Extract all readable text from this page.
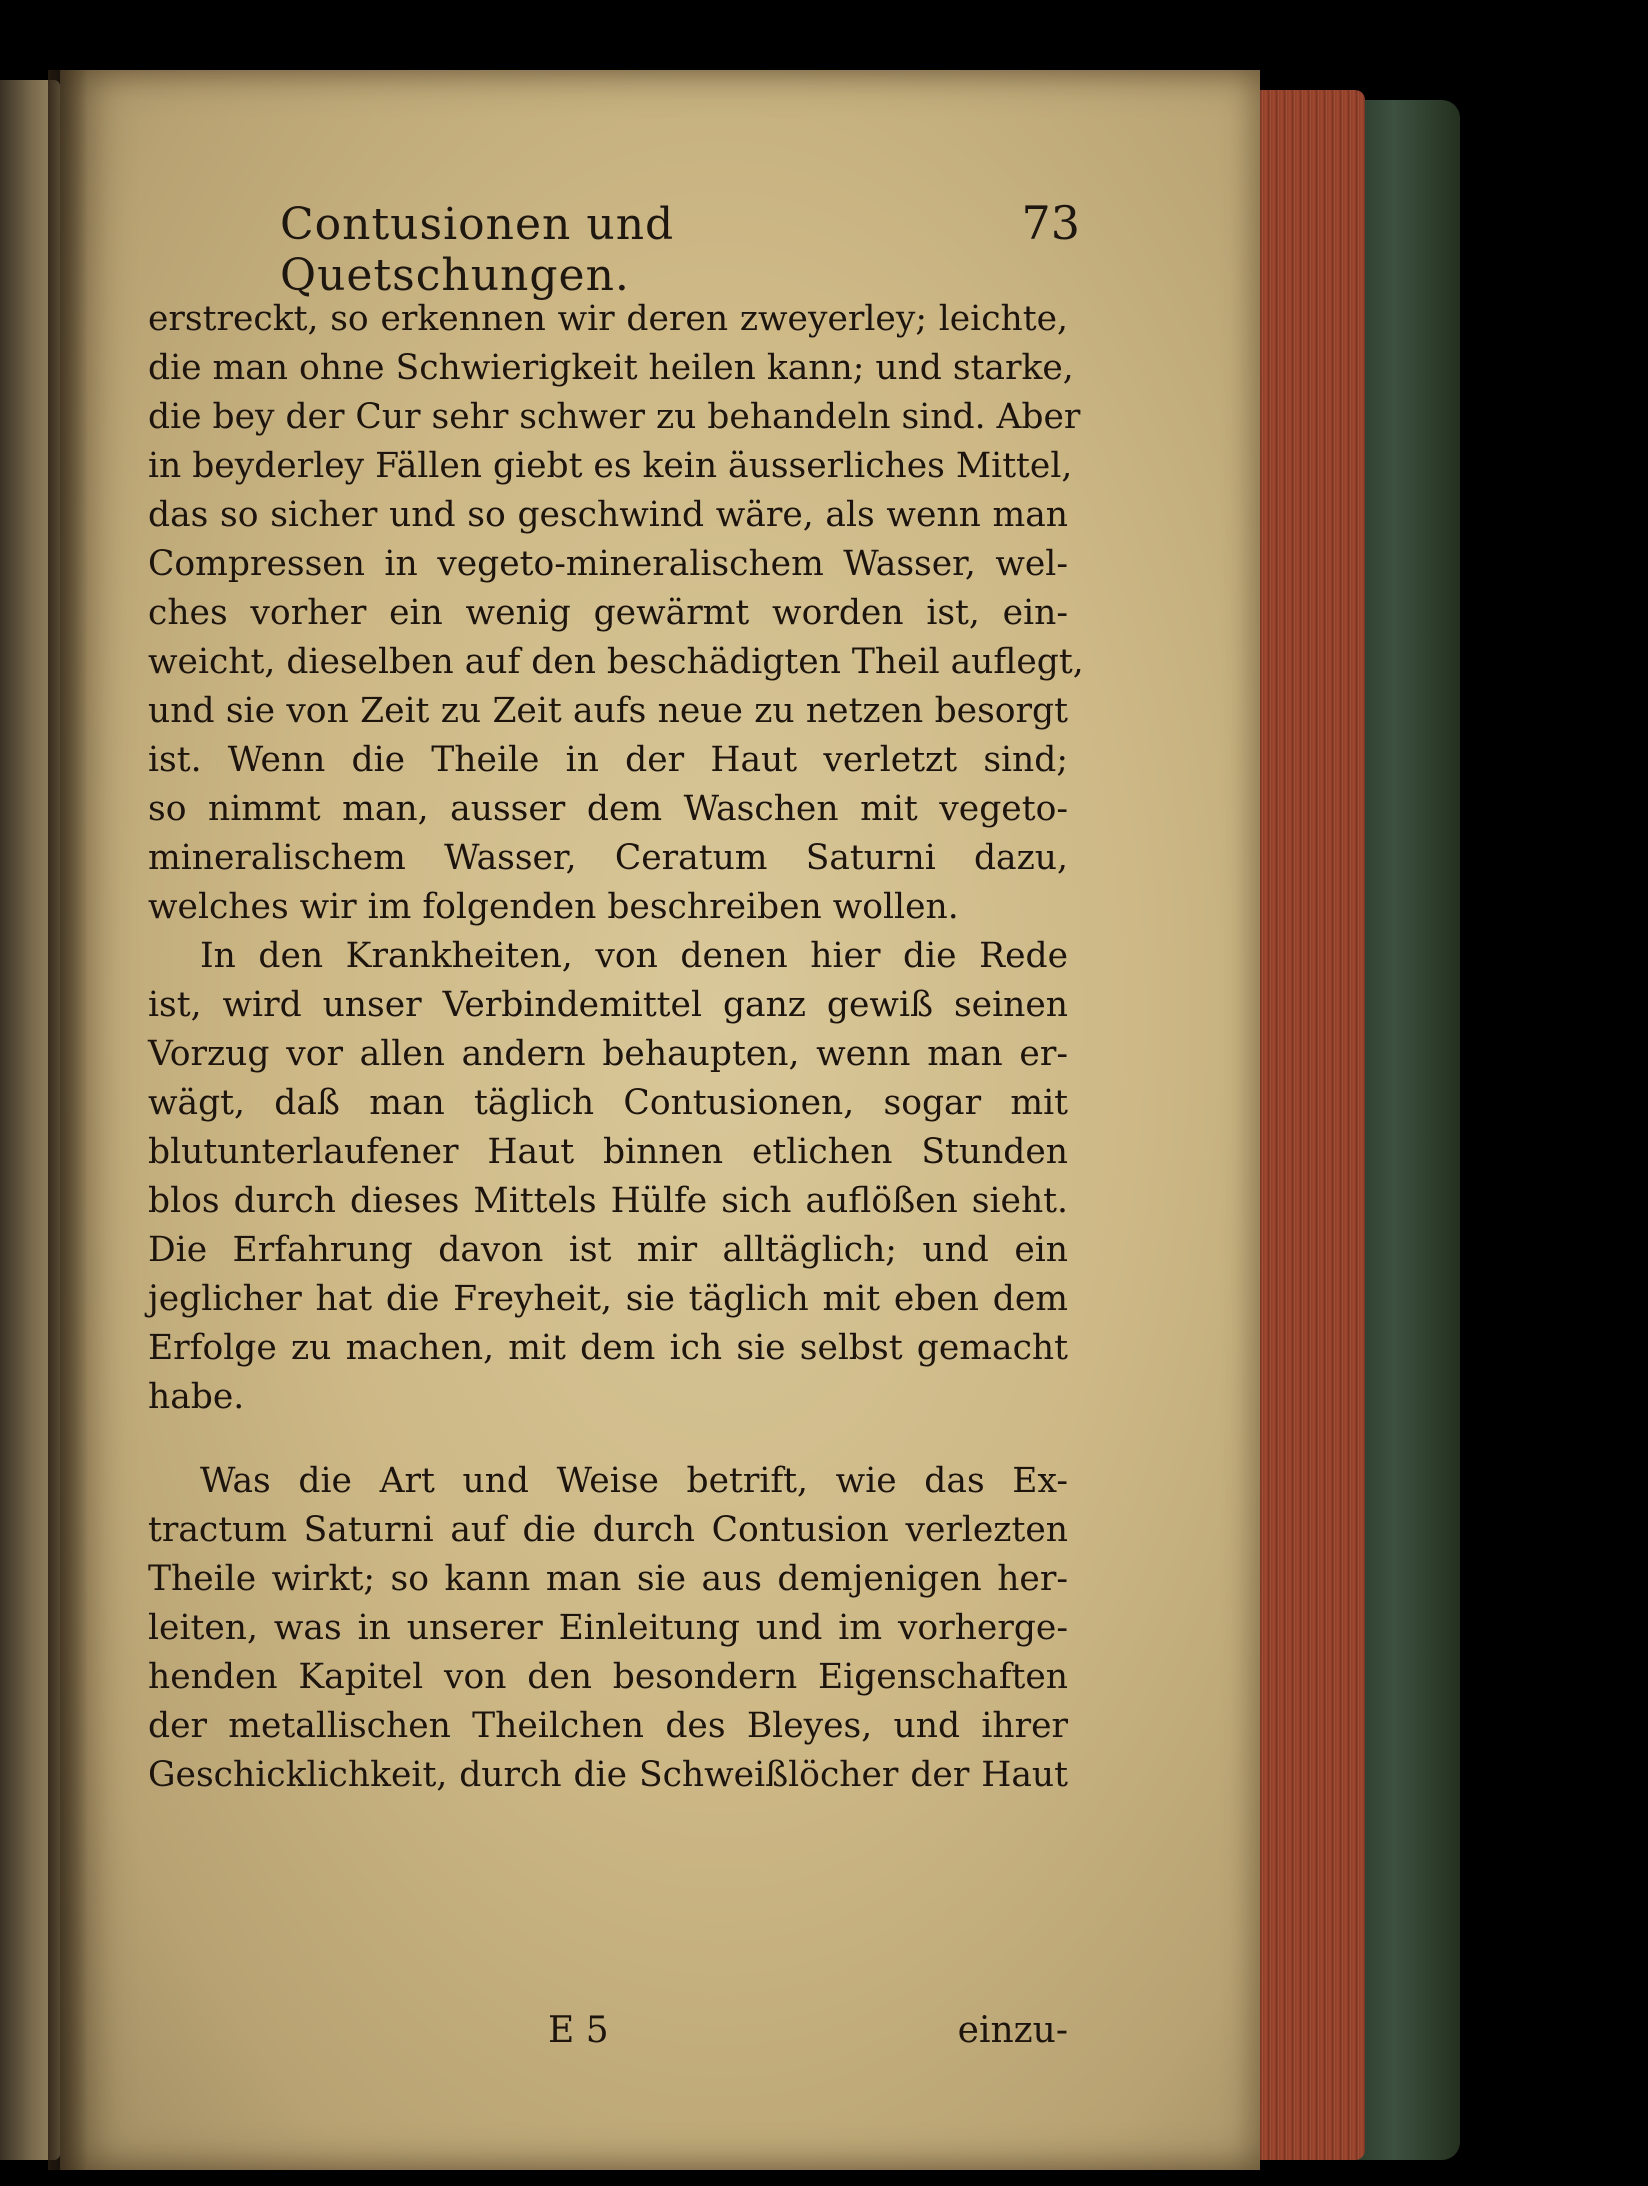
Contusionen und Quetschungen.
73
erstreckt, so erkennen wir deren zweyerley; leichte,
die man ohne Schwierigkeit heilen kann; und starke,
die bey der Cur sehr schwer zu behandeln sind. Aber
in beyderley Fällen giebt es kein äusserliches Mittel,
das so sicher und so geschwind wäre, als wenn man
Compressen in vegeto-mineralischem Wasser, wel-
ches vorher ein wenig gewärmt worden ist, ein-
weicht, dieselben auf den beschädigten Theil auflegt,
und sie von Zeit zu Zeit aufs neue zu netzen besorgt
ist. Wenn die Theile in der Haut verletzt sind;
so nimmt man, ausser dem Waschen mit vegeto-
mineralischem Wasser, Ceratum Saturni dazu,
welches wir im folgenden beschreiben wollen.
In den Krankheiten, von denen hier die Rede
ist, wird unser Verbindemittel ganz gewiß seinen
Vorzug vor allen andern behaupten, wenn man er-
wägt, daß man täglich Contusionen, sogar mit
blutunterlaufener Haut binnen etlichen Stunden
blos durch dieses Mittels Hülfe sich auflößen sieht.
Die Erfahrung davon ist mir alltäglich; und ein
jeglicher hat die Freyheit, sie täglich mit eben dem
Erfolge zu machen, mit dem ich sie selbst gemacht
habe.
Was die Art und Weise betrift, wie das Ex-
tractum Saturni auf die durch Contusion verlezten
Theile wirkt; so kann man sie aus demjenigen her-
leiten, was in unserer Einleitung und im vorherge-
henden Kapitel von den besondern Eigenschaften
der metallischen Theilchen des Bleyes, und ihrer
Geschicklichkeit, durch die Schweißlöcher der Haut
E 5	einzu-
